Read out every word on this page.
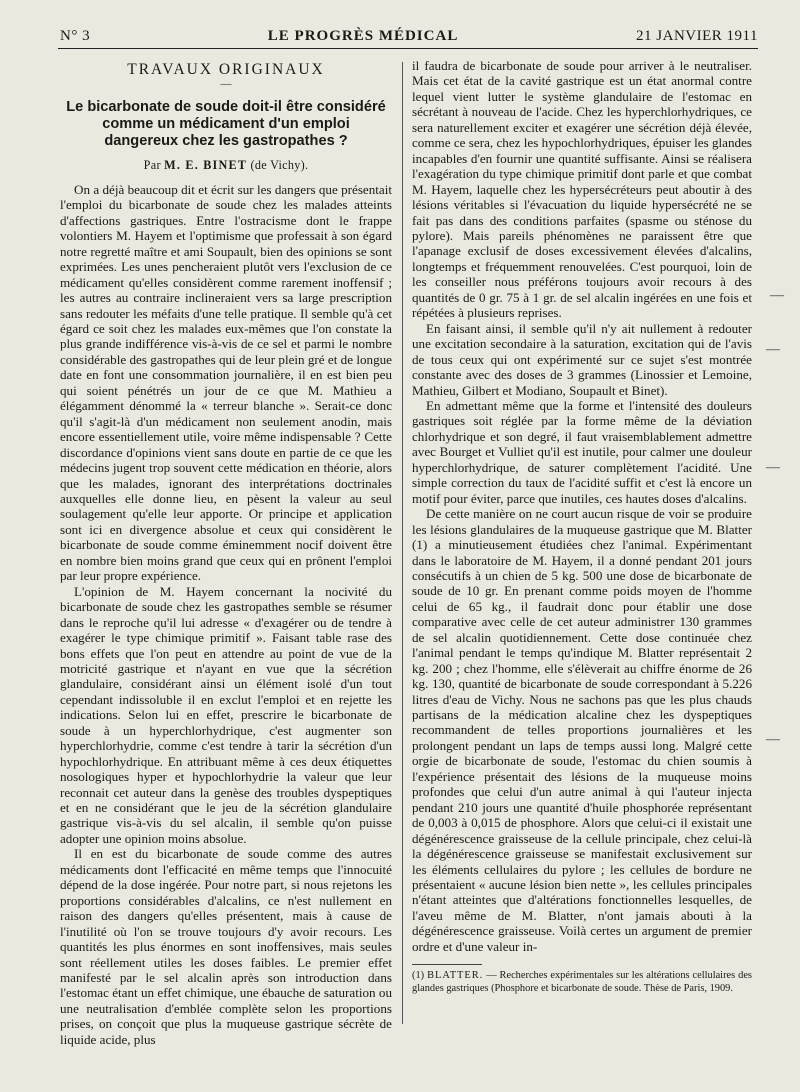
N° 3	LE PROGRÈS MÉDICAL	21 JANVIER 1911
TRAVAUX ORIGINAUX
—
Le bicarbonate de soude doit-il être considéré comme un médicament d'un emploi dangereux chez les gastropathes ?
Par M. E. BINET (de Vichy).

On a déjà beaucoup dit et écrit sur les dangers que présentait l'emploi du bicarbonate de soude chez les malades atteints d'affections gastriques. Entre l'ostracisme dont le frappe volontiers M. Hayem et l'optimisme que professait à son égard notre regretté maître et ami Soupault, bien des opinions se sont exprimées. Les unes pencheraient plutôt vers l'exclusion de ce médicament qu'elles considèrent comme rarement inoffensif ; les autres au contraire inclineraient vers sa large prescription sans redouter les méfaits d'une telle pratique. Il semble qu'à cet égard ce soit chez les malades eux-mêmes que l'on constate la plus grande indifférence vis-à-vis de ce sel et parmi le nombre considérable des gastropathes qui de leur plein gré et de longue date en font une consommation journalière, il en est bien peu qui soient pénétrés un jour de ce que M. Mathieu a élégamment dénommé la « terreur blanche ». Serait-ce donc qu'il s'agit-là d'un médicament non seulement anodin, mais encore essentiellement utile, voire même indispensable ? Cette discordance d'opinions vient sans doute en partie de ce que les médecins jugent trop souvent cette médication en théorie, alors que les malades, ignorant des interprétations doctrinales auxquelles elle donne lieu, en pèsent la valeur au seul soulagement qu'elle leur apporte. Or principe et application sont ici en divergence absolue et ceux qui considèrent le bicarbonate de soude comme éminemment nocif doivent être en nombre bien moins grand que ceux qui en prônent l'emploi par leur propre expérience.

L'opinion de M. Hayem concernant la nocivité du bicarbonate de soude chez les gastropathes semble se résumer dans le reproche qu'il lui adresse « d'exagérer ou de tendre à exagérer le type chimique primitif ». Faisant table rase des bons effets que l'on peut en attendre au point de vue de la motricité gastrique et n'ayant en vue que la sécrétion glandulaire, considérant ainsi un élément isolé d'un tout cependant indissoluble il en exclut l'emploi et en rejette les indications. Selon lui en effet, prescrire le bicarbonate de soude à un hyperchlorhydrique, c'est augmenter son hyperchlorhydrie, comme c'est tendre à tarir la sécrétion d'un hypochlorhydrique. En attribuant même à ces deux étiquettes nosologiques hyper et hypochlorhydrie la valeur que leur reconnait cet auteur dans la genèse des troubles dyspeptiques et en ne considérant que le jeu de la sécrétion glandulaire gastrique vis-à-vis du sel alcalin, il semble qu'on puisse adopter une opinion moins absolue.

Il en est du bicarbonate de soude comme des autres médicaments dont l'efficacité en même temps que l'innocuité dépend de la dose ingérée. Pour notre part, si nous rejetons les proportions considérables d'alcalins, ce n'est nullement en raison des dangers qu'elles présentent, mais à cause de l'inutilité où l'on se trouve toujours d'y avoir recours. Les quantités les plus énormes en sont inoffensives, mais seules sont réellement utiles les doses faibles. Le premier effet manifesté par le sel alcalin après son introduction dans l'estomac étant un effet chimique, une ébauche de saturation ou une neutralisation d'emblée complète selon les proportions prises, on conçoit que plus la muqueuse gastrique sécrète de liquide acide, plus

il faudra de bicarbonate de soude pour arriver à le neutraliser. Mais cet état de la cavité gastrique est un état anormal contre lequel vient lutter le système glandulaire de l'estomac en sécrétant à nouveau de l'acide. Chez les hyperchlorhydriques, ce sera naturellement exciter et exagérer une sécrétion déjà élevée, comme ce sera, chez les hypochlorhydriques, épuiser les glandes incapables d'en fournir une quantité suffisante. Ainsi se réalisera l'exagération du type chimique primitif dont parle et que combat M. Hayem, laquelle chez les hypersécréteurs peut aboutir à des lésions véritables si l'évacuation du liquide hypersécrété ne se fait pas dans des conditions parfaites (spasme ou sténose du pylore). Mais pareils phénomènes ne paraissent être que l'apanage exclusif de doses excessivement élevées d'alcalins, longtemps et fréquemment renouvelées. C'est pourquoi, loin de les conseiller nous préférons toujours avoir recours à des quantités de 0 gr. 75 à 1 gr. de sel alcalin ingérées en une fois et répétées à plusieurs reprises.

En faisant ainsi, il semble qu'il n'y ait nullement à redouter une excitation secondaire à la saturation, excitation qui de l'avis de tous ceux qui ont expérimenté sur ce sujet s'est montrée constante avec des doses de 3 grammes (Linossier et Lemoine, Mathieu, Gilbert et Modiano, Soupault et Binet).

En admettant même que la forme et l'intensité des douleurs gastriques soit réglée par la forme même de la déviation chlorhydrique et son degré, il faut vraisemblablement admettre avec Bourget et Vulliet qu'il est inutile, pour calmer une douleur hyperchlorhydrique, de saturer complètement l'acidité. Une simple correction du taux de l'acidité suffit et c'est là encore un motif pour éviter, parce que inutiles, ces hautes doses d'alcalins.

De cette manière on ne court aucun risque de voir se produire les lésions glandulaires de la muqueuse gastrique que M. Blatter (1) a minutieusement étudiées chez l'animal. Expérimentant dans le laboratoire de M. Hayem, il a donné pendant 201 jours consécutifs à un chien de 5 kg. 500 une dose de bicarbonate de soude de 10 gr. En prenant comme poids moyen de l'homme celui de 65 kg., il faudrait donc pour établir une dose comparative avec celle de cet auteur administrer 130 grammes de sel alcalin quotidiennement. Cette dose continuée chez l'animal pendant le temps qu'indique M. Blatter représentait 2 kg. 200 ; chez l'homme, elle s'élèverait au chiffre énorme de 26 kg. 130, quantité de bicarbonate de soude correspondant à 5.226 litres d'eau de Vichy. Nous ne sachons pas que les plus chauds partisans de la médication alcaline chez les dyspeptiques recommandent de telles proportions journalières et les prolongent pendant un laps de temps aussi long. Malgré cette orgie de bicarbonate de soude, l'estomac du chien soumis à l'expérience présentait des lésions de la muqueuse moins profondes que celui d'un autre animal à qui l'auteur injecta pendant 210 jours une quantité d'huile phosphorée représentant de 0,003 à 0,015 de phosphore. Alors que celui-ci il existait une dégénérescence graisseuse de la cellule principale, chez celui-là la dégénérescence graisseuse se manifestait exclusivement sur les éléments cellulaires du pylore ; les cellules de bordure ne présentaient « aucune lésion bien nette », les cellules principales n'étant atteintes que d'altérations fonctionnelles lesquelles, de l'aveu même de M. Blatter, n'ont jamais abouti à la dégénérescence graisseuse. Voilà certes un argument de premier ordre et d'une valeur in-

(1) BLATTER. — Recherches expérimentales sur les altérations cellulaires des glandes gastriques (Phosphore et bicarbonate de soude. Thèse de Paris, 1909.
—
—
—
—
